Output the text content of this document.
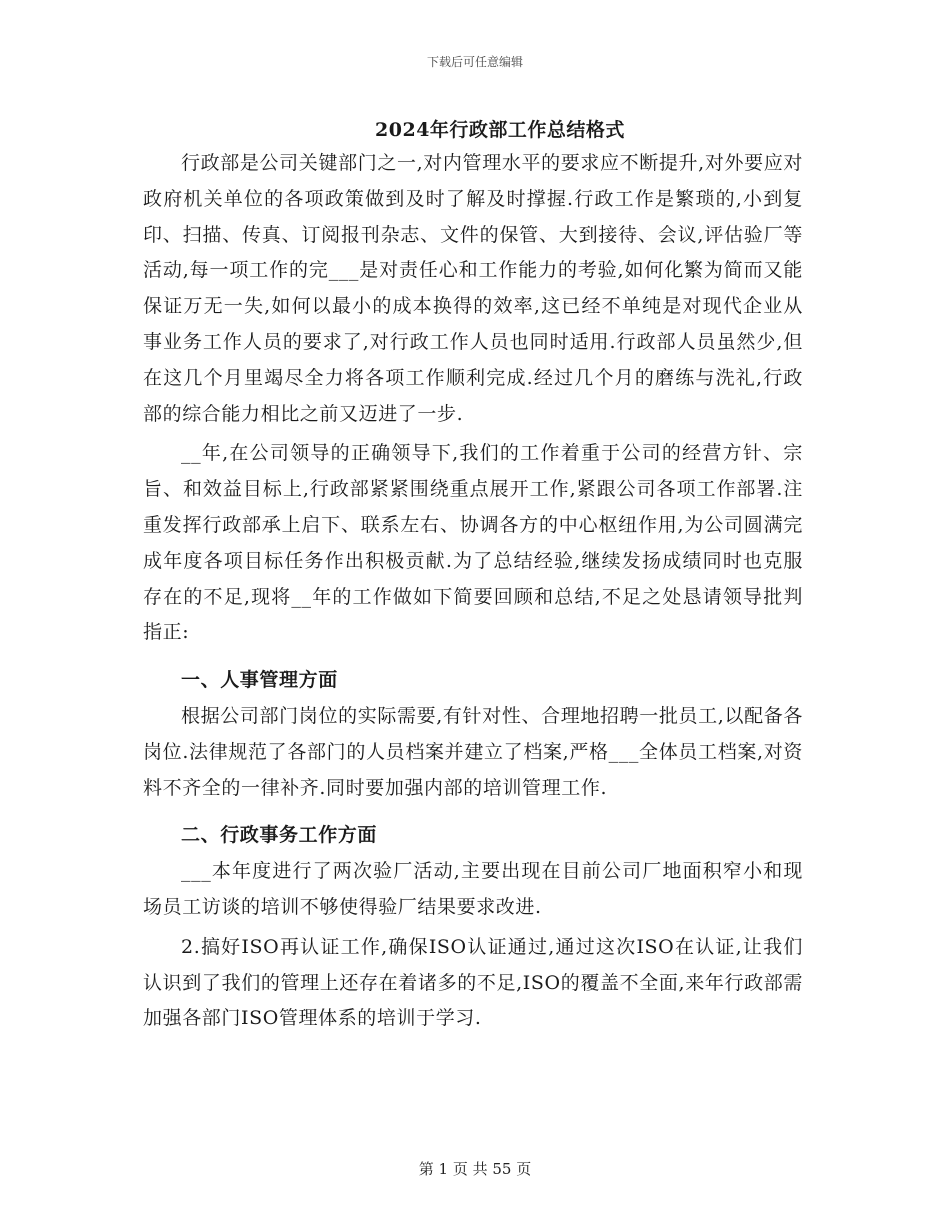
下载后可任意编辑
2024年行政部工作总结格式

行政部是公司关键部门之一,对内管理水平的要求应不断提升,对外要应对政府机关单位的各项政策做到及时了解及时撑握.行政工作是繁琐的,小到复印、扫描、传真、订阅报刊杂志、文件的保管、大到接待、会议,评估验厂等活动,每一项工作的完___是对责任心和工作能力的考验,如何化繁为简而又能保证万无一失,如何以最小的成本换得的效率,这已经不单纯是对现代企业从事业务工作人员的要求了,对行政工作人员也同时适用.行政部人员虽然少,但在这几个月里竭尽全力将各项工作顺利完成.经过几个月的磨练与洗礼,行政部的综合能力相比之前又迈进了一步.

__年,在公司领导的正确领导下,我们的工作着重于公司的经营方针、宗旨、和效益目标上,行政部紧紧围绕重点展开工作,紧跟公司各项工作部署.注重发挥行政部承上启下、联系左右、协调各方的中心枢纽作用,为公司圆满完成年度各项目标任务作出积极贡献.为了总结经验,继续发扬成绩同时也克服存在的不足,现将__年的工作做如下简要回顾和总结,不足之处恳请领导批判指正:

一、人事管理方面

根据公司部门岗位的实际需要,有针对性、合理地招聘一批员工,以配备各岗位.法律规范了各部门的人员档案并建立了档案,严格___全体员工档案,对资料不齐全的一律补齐.同时要加强内部的培训管理工作.

二、行政事务工作方面

___本年度进行了两次验厂活动,主要出现在目前公司厂地面积窄小和现场员工访谈的培训不够使得验厂结果要求改进.

2.搞好ISO再认证工作,确保ISO认证通过,通过这次ISO在认证,让我们认识到了我们的管理上还存在着诸多的不足,ISO的覆盖不全面,来年行政部需加强各部门ISO管理体系的培训于学习.

第 1 页 共 55 页
